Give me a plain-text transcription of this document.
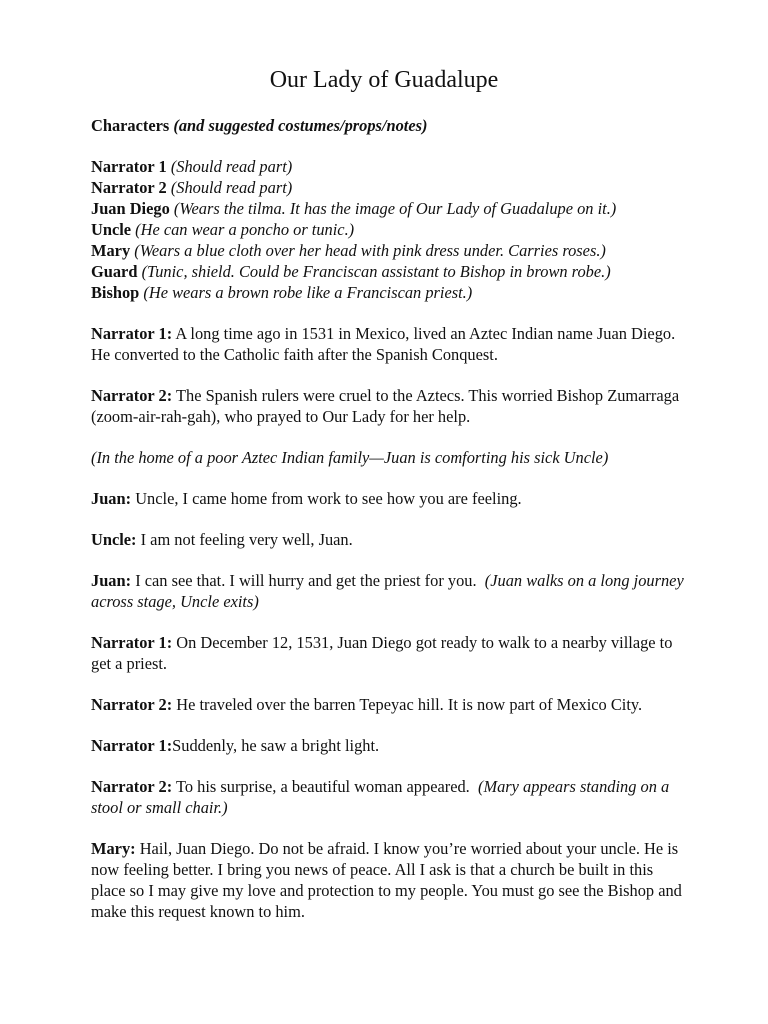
Our Lady of Guadalupe

Characters (and suggested costumes/props/notes)

Narrator 1 (Should read part)

Narrator 2 (Should read part)

Juan Diego (Wears the tilma. It has the image of Our Lady of Guadalupe on it.)

Uncle (He can wear a poncho or tunic.)

Mary (Wears a blue cloth over her head with pink dress under. Carries roses.)

Guard (Tunic, shield. Could be Franciscan assistant to Bishop in brown robe.)

Bishop (He wears a brown robe like a Franciscan priest.)

Narrator 1: A long time ago in 1531 in Mexico, lived an Aztec Indian name Juan Diego. He converted to the Catholic faith after the Spanish Conquest.

Narrator 2: The Spanish rulers were cruel to the Aztecs. This worried Bishop Zumarraga (zoom-air-rah-gah), who prayed to Our Lady for her help.

(In the home of a poor Aztec Indian family—Juan is comforting his sick Uncle)

Juan: Uncle, I came home from work to see how you are feeling.

Uncle: I am not feeling very well, Juan.

Juan: I can see that. I will hurry and get the priest for you. (Juan walks on a long journey across stage, Uncle exits)

Narrator 1: On December 12, 1531, Juan Diego got ready to walk to a nearby village to get a priest.

Narrator 2: He traveled over the barren Tepeyac hill. It is now part of Mexico City.

Narrator 1:Suddenly, he saw a bright light.

Narrator 2: To his surprise, a beautiful woman appeared. (Mary appears standing on a stool or small chair.)

Mary: Hail, Juan Diego. Do not be afraid. I know you’re worried about your uncle. He is now feeling better. I bring you news of peace. All I ask is that a church be built in this place so I may give my love and protection to my people. You must go see the Bishop and make this request known to him.
